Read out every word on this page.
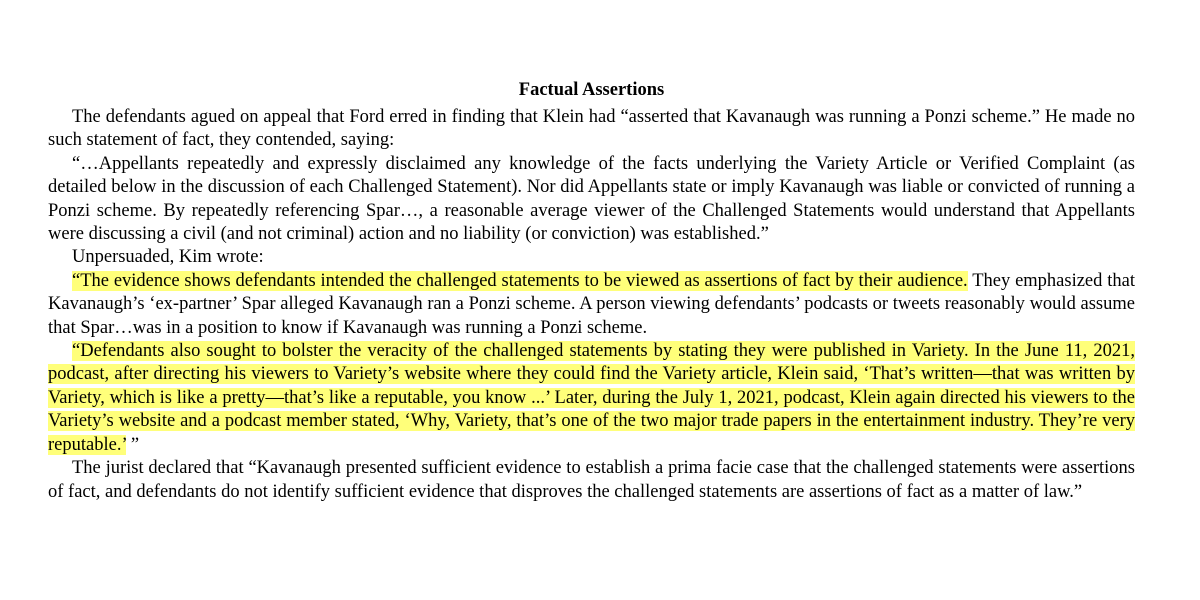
Factual Assertions

The defendants agued on appeal that Ford erred in finding that Klein had “asserted that Kavanaugh was running a Ponzi scheme.” He made no such statement of fact, they contended, saying:

“…Appellants repeatedly and expressly disclaimed any knowledge of the facts underlying the Variety Article or Verified Complaint (as detailed below in the discussion of each Challenged Statement). Nor did Appellants state or imply Kavanaugh was liable or convicted of running a Ponzi scheme. By repeatedly referencing Spar…, a reasonable average viewer of the Challenged Statements would understand that Appellants were discussing a civil (and not criminal) action and no liability (or conviction) was established.”

Unpersuaded, Kim wrote:

“The evidence shows defendants intended the challenged statements to be viewed as assertions of fact by their audience. They emphasized that Kavanaugh’s ‘ex-partner’ Spar alleged Kavanaugh ran a Ponzi scheme. A person viewing defendants’ podcasts or tweets reasonably would assume that Spar…was in a position to know if Kavanaugh was running a Ponzi scheme.

“Defendants also sought to bolster the veracity of the challenged statements by stating they were published in Variety. In the June 11, 2021, podcast, after directing his viewers to Variety’s website where they could find the Variety article, Klein said, ‘That’s written—that was written by Variety, which is like a pretty—that’s like a reputable, you know ...’ Later, during the July 1, 2021, podcast, Klein again directed his viewers to the Variety’s website and a podcast member stated, ‘Why, Variety, that’s one of the two major trade papers in the entertainment industry. They’re very reputable.’ ”

The jurist declared that “Kavanaugh presented sufficient evidence to establish a prima facie case that the challenged statements were assertions of fact, and defendants do not identify sufficient evidence that disproves the challenged statements are assertions of fact as a matter of law.”
